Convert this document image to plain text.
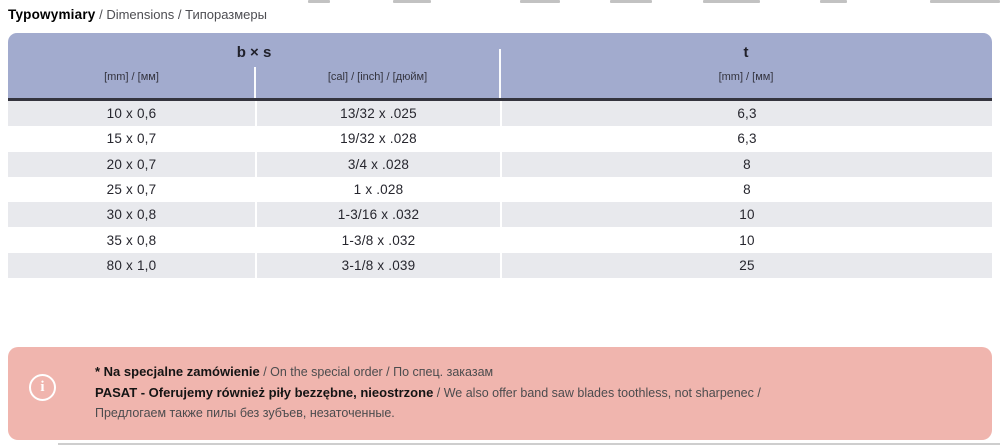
Typowymiary / Dimensions / Типоразмеры
b × s	t
[mm] / [мм]	[cal] / [inch] / [дюйм]	[mm] / [мм]
10 x 0,6	13/32 x .025	6,3
15 x 0,7	19/32 x .028	6,3
20 x 0,7	3/4 x .028	8
25 x 0,7	1 x .028	8
30 x 0,8	1-3/16 x .032	10
35 x 0,8	1-3/8 x .032	10
80 x 1,0	3-1/8 x .039	25
i
* Na specjalne zamówienie / On the special order / По спец. заказам
PASAT - Oferujemy również piły bezzębne, nieostrzone / We also offer band saw blades toothless, not sharpenec /
Предлогаем также пилы без зубъев, незаточенные.
